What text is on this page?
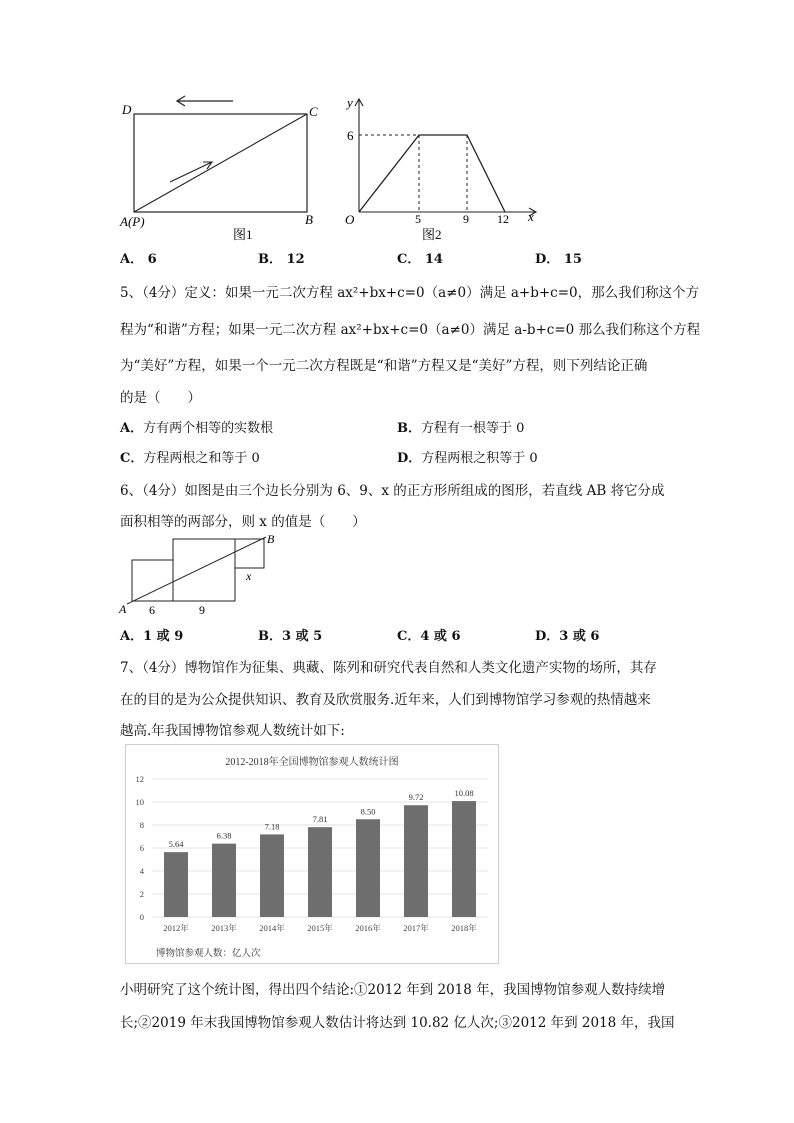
D	C
A(P)	B
图1
y
x
O
6
5	9 12
图2
A． 6	B． 12	C． 14	D． 15
5、（4分）定义：如果一元二次方程 ax²+bx+c=0（a≠0）满足 a+b+c=0，那么我们称这个方
程为“和谐”方程；如果一元二次方程 ax²+bx+c=0（a≠0）满足 a-b+c=0 那么我们称这个方程
为“美好”方程，如果一个一元二次方程既是“和谐”方程又是“美好”方程，则下列结论正确
的是（　　）
A．方有两个相等的实数根	B．方程有一根等于 0
C．方程两根之和等于 0	D．方程两根之积等于 0
6、（4分）如图是由三个边长分别为 6、9、x 的正方形所组成的图形，若直线 AB 将它分成
面积相等的两部分，则 x 的值是（　　）
A
B
x
6	9
A．1 或 9	B．3 或 5	C．4 或 6	D．3 或 6
7、（4分）博物馆作为征集、典藏、陈列和研究代表自然和人类文化遗产实物的场所，其存
在的目的是为公众提供知识、教育及欣赏服务.近年来，人们到博物馆学习参观的热情越来
越高.年我国博物馆参观人数统计如下:
2012-2018年全国博物馆参观人数统计图
0
2
4
6
8
10
12
5.64
2012年
6.38
2013年
7.18
2014年
7.81
2015年
8.50
2016年
9.72
2017年
10.08
2018年
博物馆参观人数：亿人次
小明研究了这个统计图，得出四个结论:①2012 年到 2018 年，我国博物馆参观人数持续增
长;②2019 年末我国博物馆参观人数估计将达到 10.82 亿人次;③2012 年到 2018 年，我国
